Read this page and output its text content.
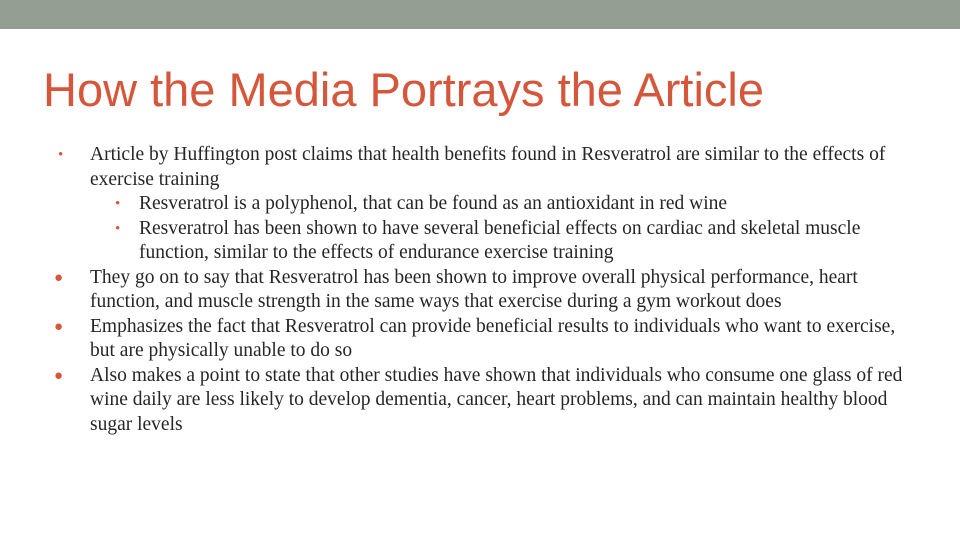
How the Media Portrays the Article
• Article by Huffington post claims that health benefits found in Resveratrol are similar to the effects of exercise training
• Resveratrol is a polyphenol, that can be found as an antioxidant in red wine
• Resveratrol has been shown to have several beneficial effects on cardiac and skeletal muscle function, similar to the effects of endurance exercise training
● They go on to say that Resveratrol has been shown to improve overall physical performance, heart function, and muscle strength in the same ways that exercise during a gym workout does
● Emphasizes the fact that Resveratrol can provide beneficial results to individuals who want to exercise, but are physically unable to do so
● Also makes a point to state that other studies have shown that individuals who consume one glass of red wine daily are less likely to develop dementia, cancer, heart problems, and can maintain healthy blood sugar levels
